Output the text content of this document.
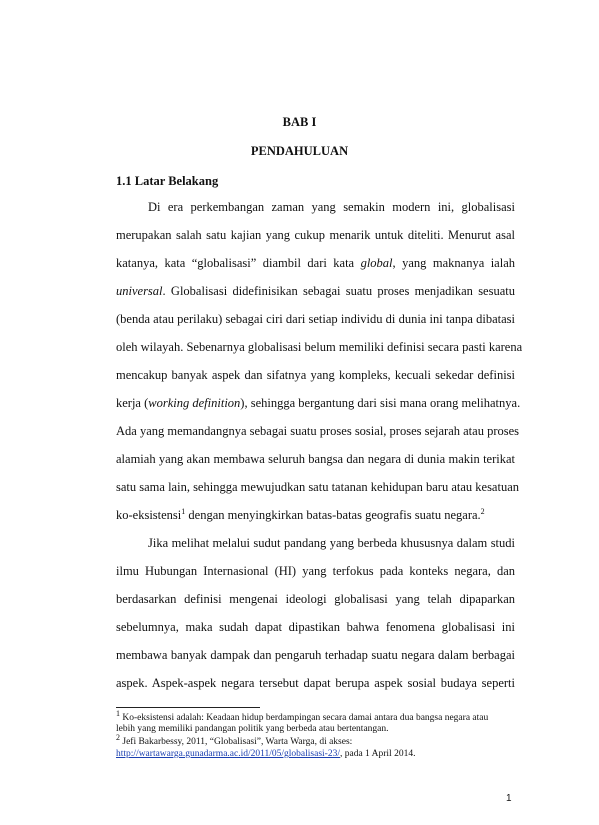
BAB I
PENDAHULUAN
1.1 Latar Belakang
Di era perkembangan zaman yang semakin modern ini, globalisasi
merupakan salah satu kajian yang cukup menarik untuk diteliti. Menurut asal
katanya, kata “globalisasi” diambil dari kata global, yang maknanya ialah
universal. Globalisasi didefinisikan sebagai suatu proses menjadikan sesuatu
(benda atau perilaku) sebagai ciri dari setiap individu di dunia ini tanpa dibatasi
oleh wilayah. Sebenarnya globalisasi belum memiliki definisi secara pasti karena
mencakup banyak aspek dan sifatnya yang kompleks, kecuali sekedar definisi
kerja (working definition), sehingga bergantung dari sisi mana orang melihatnya.
Ada yang memandangnya sebagai suatu proses sosial, proses sejarah atau proses
alamiah yang akan membawa seluruh bangsa dan negara di dunia makin terikat
satu sama lain, sehingga mewujudkan satu tatanan kehidupan baru atau kesatuan
ko-eksistensi$^1$ dengan menyingkirkan batas-batas geografis suatu negara.$^2$
Jika melihat melalui sudut pandang yang berbeda khususnya dalam studi
ilmu Hubungan Internasional (HI) yang terfokus pada konteks negara, dan
berdasarkan definisi mengenai ideologi globalisasi yang telah dipaparkan
sebelumnya, maka sudah dapat dipastikan bahwa fenomena globalisasi ini
membawa banyak dampak dan pengaruh terhadap suatu negara dalam berbagai
aspek. Aspek-aspek negara tersebut dapat berupa aspek sosial budaya seperti
$^1$ Ko-eksistensi adalah: Keadaan hidup berdampingan secara damai antara dua bangsa negara atau
lebih yang memiliki pandangan politik yang berbeda atau bertentangan.
$^2$ Jefi Bakarbessy, 2011, “Globalisasi”, Warta Warga, di akses:
http://wartawarga.gunadarma.ac.id/2011/05/globalisasi-23/, pada 1 April 2014.
1
